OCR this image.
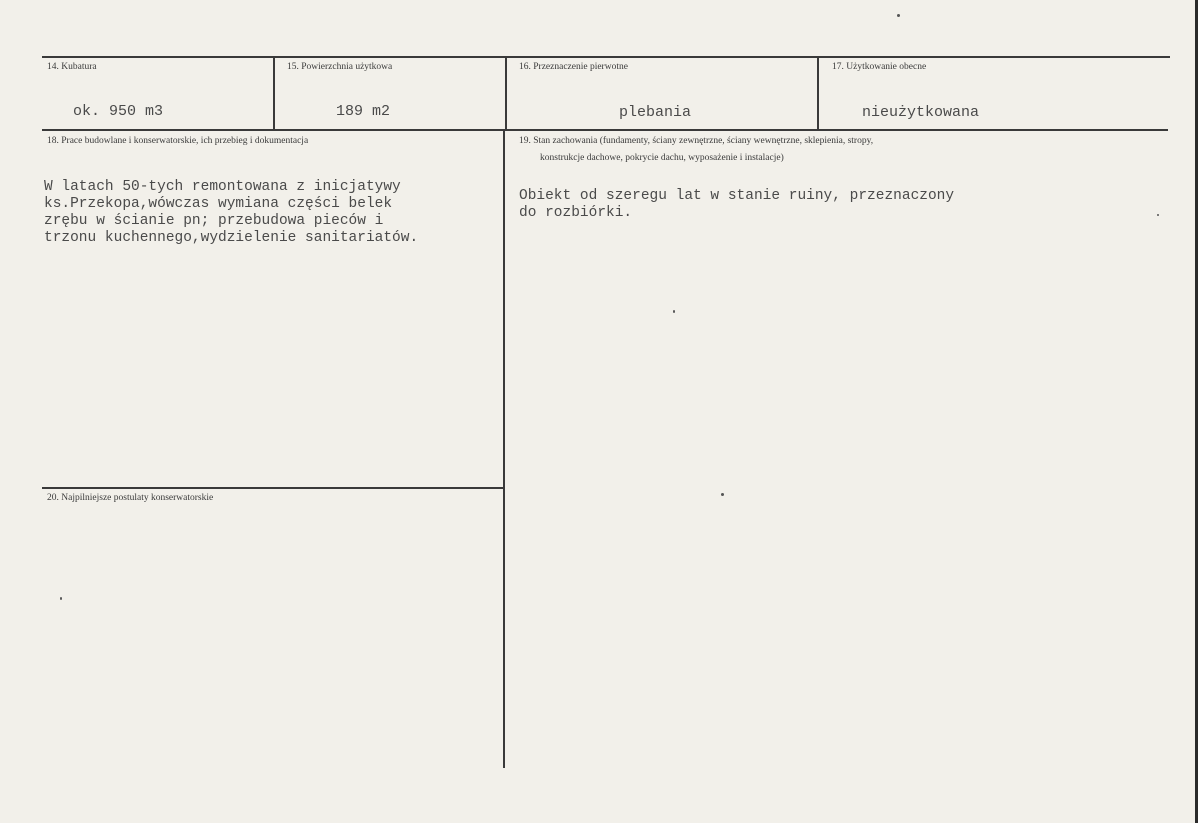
14. Kubatura
ok. 950 m3
15. Powierzchnia użytkowa
189 m2
16. Przeznaczenie pierwotne
plebania
17. Użytkowanie obecne
nieużytkowana
18. Prace budowlane i konserwatorskie, ich przebieg i dokumentacja
W latach 50-tych remontowana z inicjatywy
ks.Przekopa,wówczas wymiana części belek
zrębu w ścianie pn; przebudowa pieców i
trzonu kuchennego,wydzielenie sanitariatów.
19. Stan zachowania (fundamenty, ściany zewnętrzne, ściany wewnętrzne, sklepienia, stropy,
konstrukcje dachowe, pokrycie dachu, wyposażenie i instalacje)
Obiekt od szeregu lat w stanie ruiny, przeznaczony
do rozbiórki.
20. Najpilniejsze postulaty konserwatorskie
